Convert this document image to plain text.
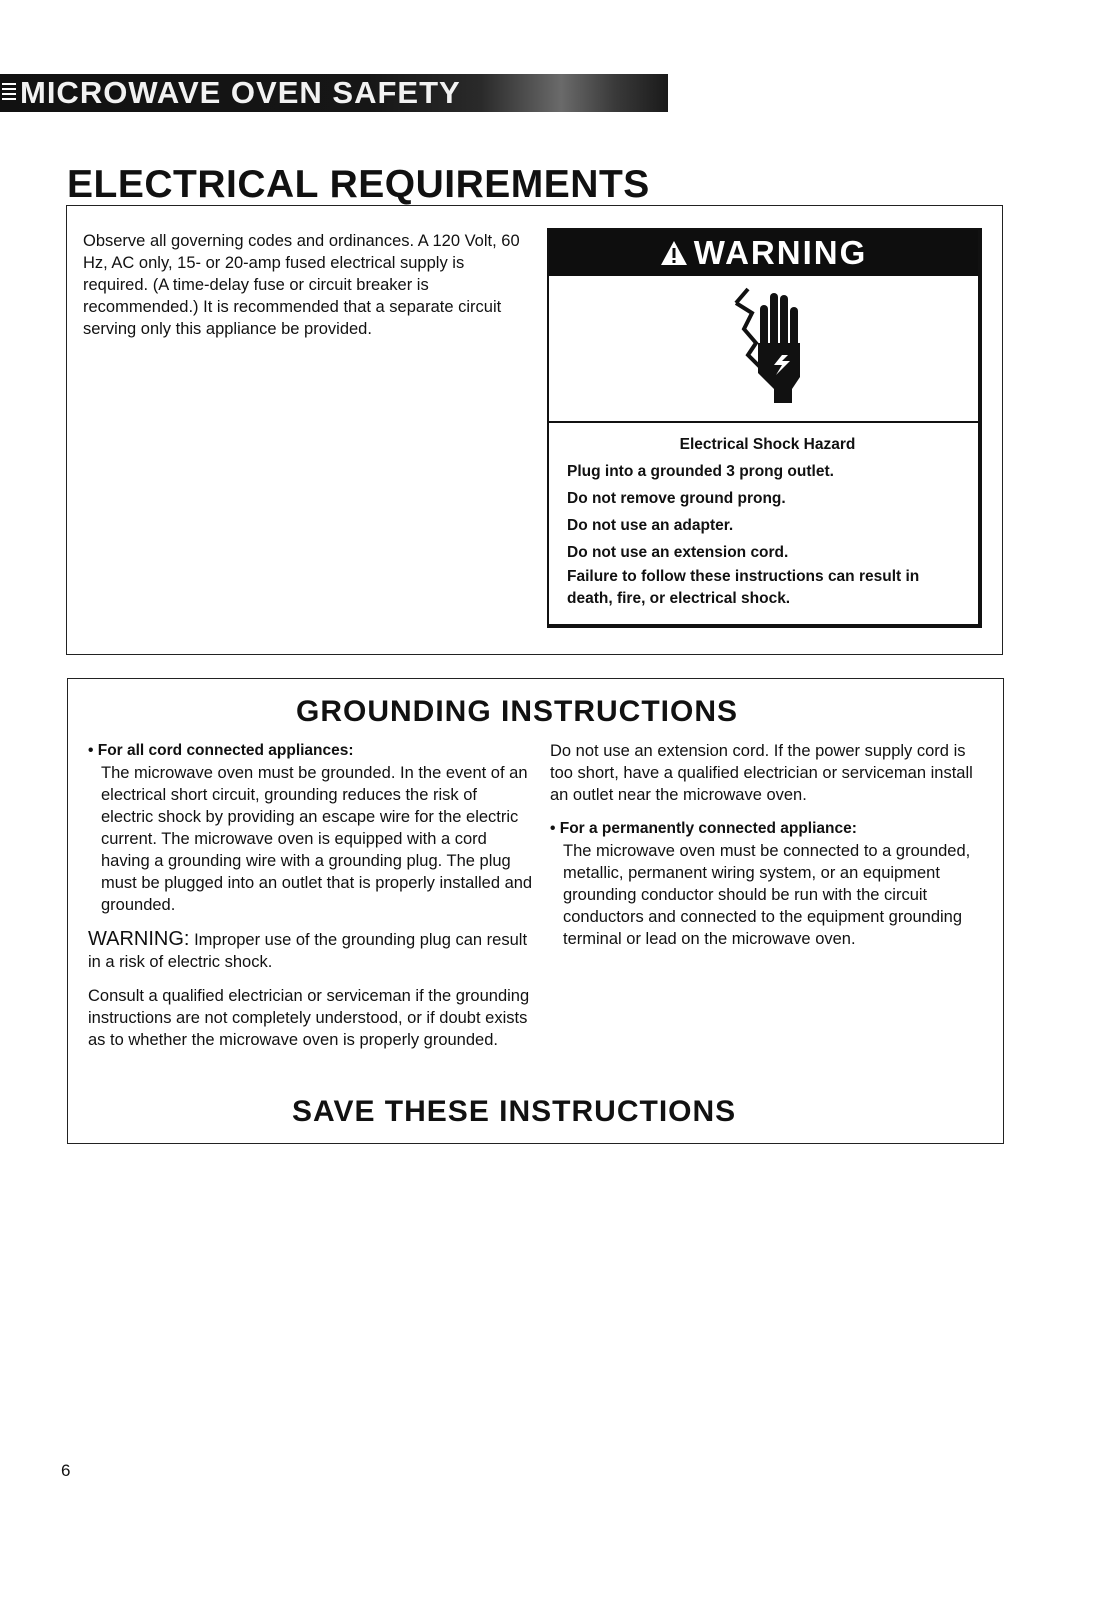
MICROWAVE OVEN SAFETY
ELECTRICAL REQUIREMENTS

Observe all governing codes and ordinances. A 120 Volt, 60 Hz, AC only, 15- or 20-amp fused electrical supply is required. (A time-delay fuse or circuit breaker is recommended.) It is recommended that a separate circuit serving only this appliance be provided.

WARNING
Electrical Shock Hazard
Plug into a grounded 3 prong outlet.
Do not remove ground prong.
Do not use an adapter.
Do not use an extension cord.
Failure to follow these instructions can result in death, fire, or electrical shock.
GROUNDING INSTRUCTIONS
• For all cord connected appliances:

The microwave oven must be grounded. In the event of an electrical short circuit, grounding reduces the risk of electric shock by providing an escape wire for the electric current. The microwave oven is equipped with a cord having a grounding wire with a grounding plug. The plug must be plugged into an outlet that is properly installed and grounded.

WARNING: Improper use of the grounding plug can result in a risk of electric shock.

Consult a qualified electrician or serviceman if the grounding instructions are not completely understood, or if doubt exists as to whether the microwave oven is properly grounded.

Do not use an extension cord. If the power supply cord is too short, have a qualified electrician or serviceman install an outlet near the microwave oven.

• For a permanently connected appliance:

The microwave oven must be connected to a grounded, metallic, permanent wiring system, or an equipment grounding conductor should be run with the circuit conductors and connected to the equipment grounding terminal or lead on the microwave oven.

SAVE THESE INSTRUCTIONS
6
